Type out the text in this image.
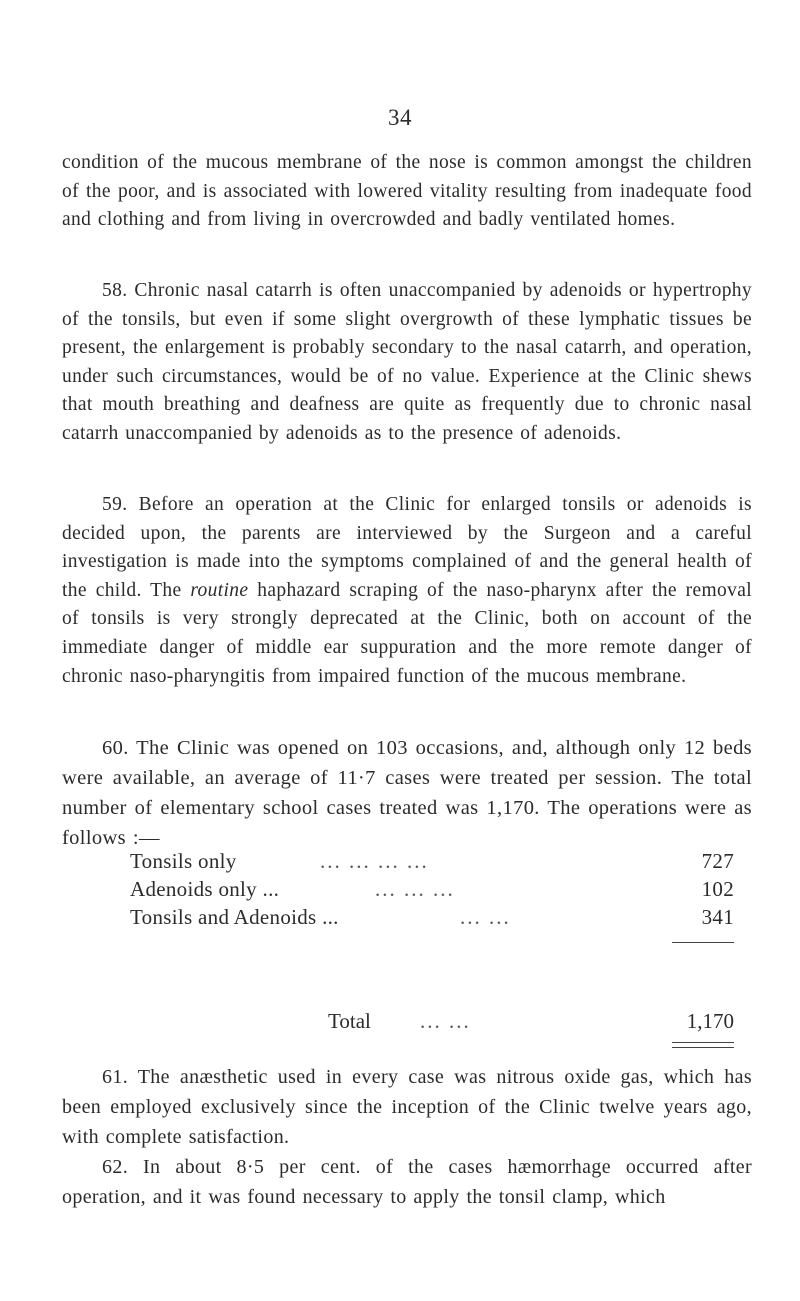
34

condition of the mucous membrane of the nose is common amongst the children of the poor, and is associated with lowered vitality resulting from inadequate food and clothing and from living in overcrowded and badly ventilated homes.

58. Chronic nasal catarrh is often unaccompanied by adenoids or hypertrophy of the tonsils, but even if some slight overgrowth of these lymphatic tissues be present, the enlargement is probably secondary to the nasal catarrh, and operation, under such circumstances, would be of no value. Experience at the Clinic shews that mouth breathing and deafness are quite as frequently due to chronic nasal catarrh unaccompanied by adenoids as to the presence of adenoids.

59. Before an operation at the Clinic for enlarged tonsils or adenoids is decided upon, the parents are interviewed by the Surgeon and a careful investigation is made into the symptoms complained of and the general health of the child. The routine haphazard scraping of the naso-pharynx after the removal of tonsils is very strongly deprecated at the Clinic, both on account of the immediate danger of middle ear suppuration and the more remote danger of chronic naso-pharyngitis from impaired function of the mucous membrane.

60. The Clinic was opened on 103 occasions, and, although only 12 beds were available, an average of 11·7 cases were treated per session. The total number of elementary school cases treated was 1,170. The operations were as follows :—

Tonsils only	... ... ... ...	727
Adenoids only ...	... ... ...	102
Tonsils and Adenoids ...	... ...	341
Total ... ...	1,170

61. The anæsthetic used in every case was nitrous oxide gas, which has been employed exclusively since the inception of the Clinic twelve years ago, with complete satisfaction.

62. In about 8·5 per cent. of the cases hæmorrhage occurred after operation, and it was found necessary to apply the tonsil clamp, which
